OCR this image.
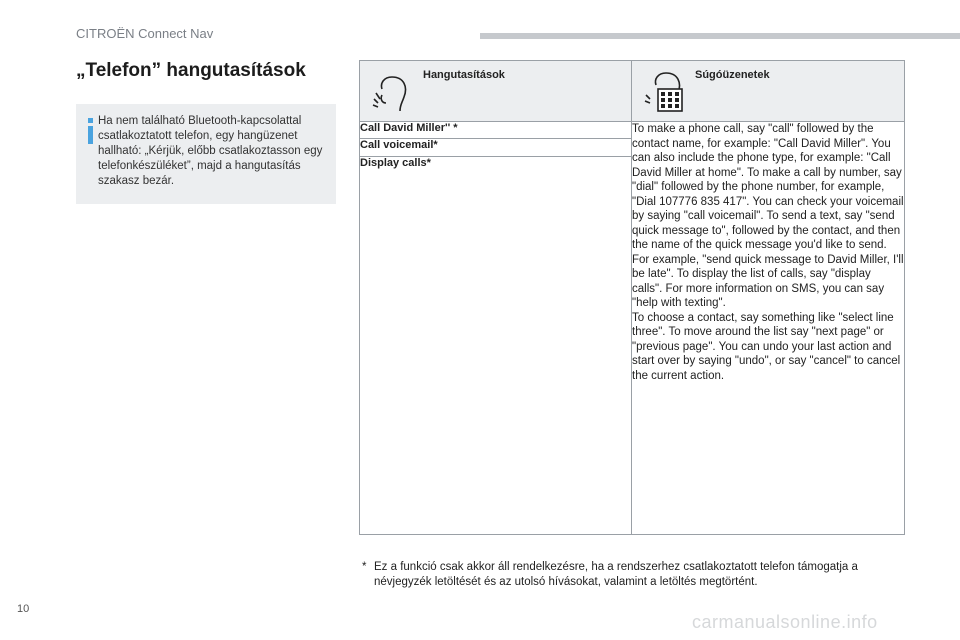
CITROËN Connect Nav
„Telefon” hangutasítások
Ha nem található Bluetooth-kapcsolattal csatlakoztatott telefon, egy hangüzenet hallható: „Kérjük, előbb csatlakoztasson egy telefonkészüléket”, majd a hangutasítás szakasz bezár.
Hangutasítások	Súgóüzenetek

Call David Miller'' *	To make a phone call, say "call" followed by the contact name, for example: "Call David Miller". You can also include the phone type, for example: "Call David Miller at home". To make a call by number, say "dial" followed by the phone number, for example, "Dial 107776 835 417". You can check your voicemail by saying "call voicemail". To send a text, say "send quick message to", followed by the contact, and then the name of the quick message you'd like to send. For example, "send quick message to David Miller, I'll be late". To display the list of calls, say "display calls". For more information on SMS, you can say "help with texting".
To choose a contact, say something like "select line three". To move around the list say "next page" or "previous page". You can undo your last action and start over by saying "undo", or say "cancel" to cancel the current action.
Call voicemail*	
Display calls*	
* Ez a funkció csak akkor áll rendelkezésre, ha a rendszerhez csatlakoztatott telefon támogatja a névjegyzék letöltését és az utolsó hívásokat, valamint a letöltés megtörtént.
10
carmanualsonline.info
